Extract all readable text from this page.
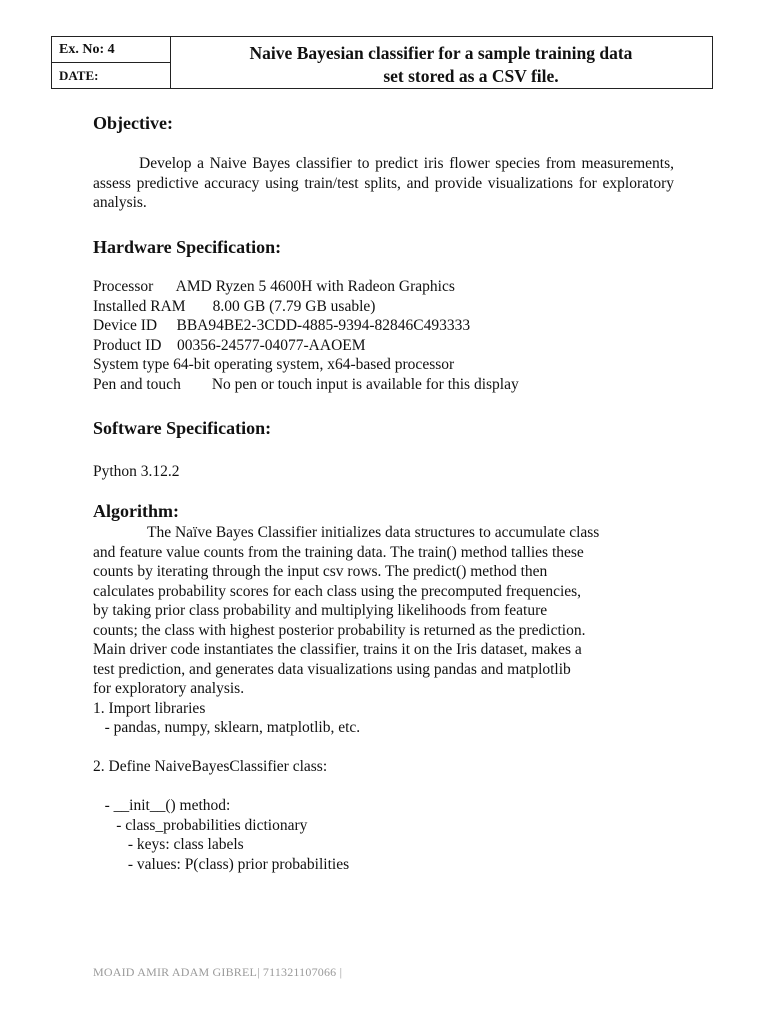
Ex. No: 4
DATE:
Naive Bayesian classifier for a sample training data
set stored as a CSV file.
Objective:

Develop a Naive Bayes classifier to predict iris flower species from measurements, assess predictive accuracy using train/test splits, and provide visualizations for exploratory analysis.

Hardware Specification:
Processor      AMD Ryzen 5 4600H with Radeon Graphics
Installed RAM       8.00 GB (7.79 GB usable)
Device ID     BBA94BE2-3CDD-4885-9394-82846C493333
Product ID    00356-24577-04077-AAOEM
System type 64-bit operating system, x64-based processor
Pen and touch        No pen or touch input is available for this display
Software Specification:
Python 3.12.2
Algorithm:
The Naïve Bayes Classifier initializes data structures to accumulate class
and feature value counts from the training data. The train() method tallies these
counts by iterating through the input csv rows. The predict() method then
calculates probability scores for each class using the precomputed frequencies,
by taking prior class probability and multiplying likelihoods from feature
counts; the class with highest posterior probability is returned as the prediction.
Main driver code instantiates the classifier, trains it on the Iris dataset, makes a
test prediction, and generates data visualizations using pandas and matplotlib
for exploratory analysis.
1. Import libraries
- pandas, numpy, sklearn, matplotlib, etc.

2. Define NaiveBayesClassifier class:

- __init__() method:
- class_probabilities dictionary
- keys: class labels
- values: P(class) prior probabilities
MOAID AMIR ADAM GIBREL| 711321107066 |
